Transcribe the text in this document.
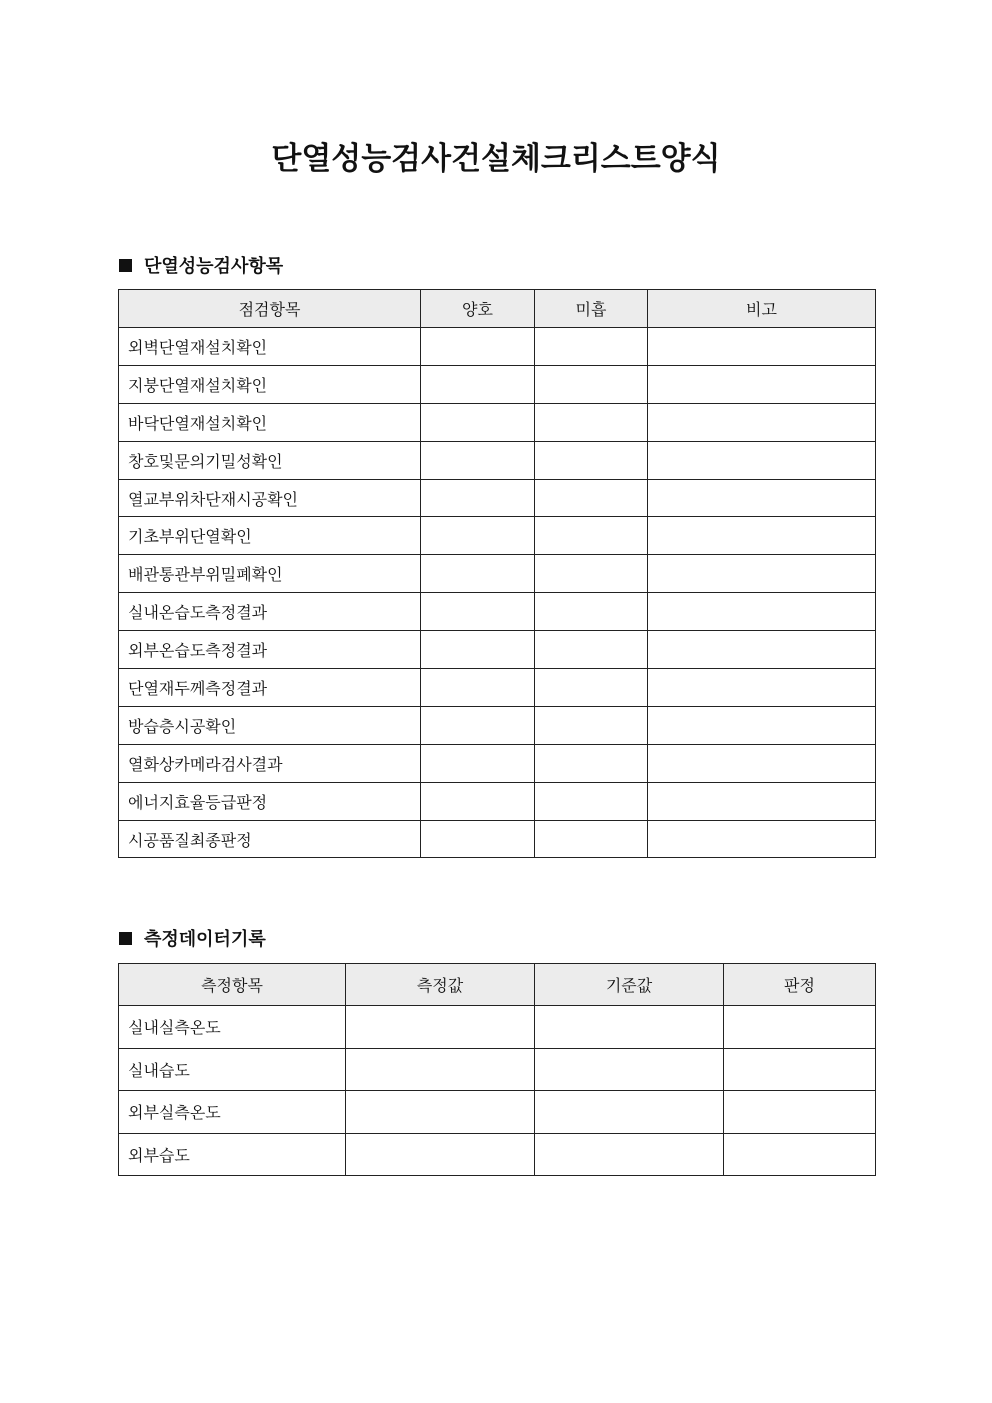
단열성능검사건설체크리스트양식
단열성능검사항목
점검항목	양호	미흡	비고
외벽단열재설치확인			
지붕단열재설치확인			
바닥단열재설치확인			
창호및문의기밀성확인			
열교부위차단재시공확인			
기초부위단열확인			
배관통관부위밀폐확인			
실내온습도측정결과			
외부온습도측정결과			
단열재두께측정결과			
방습층시공확인			
열화상카메라검사결과			
에너지효율등급판정			
시공품질최종판정			
측정데이터기록
측정항목	측정값	기준값	판정
실내실측온도			
실내습도			
외부실측온도			
외부습도			
